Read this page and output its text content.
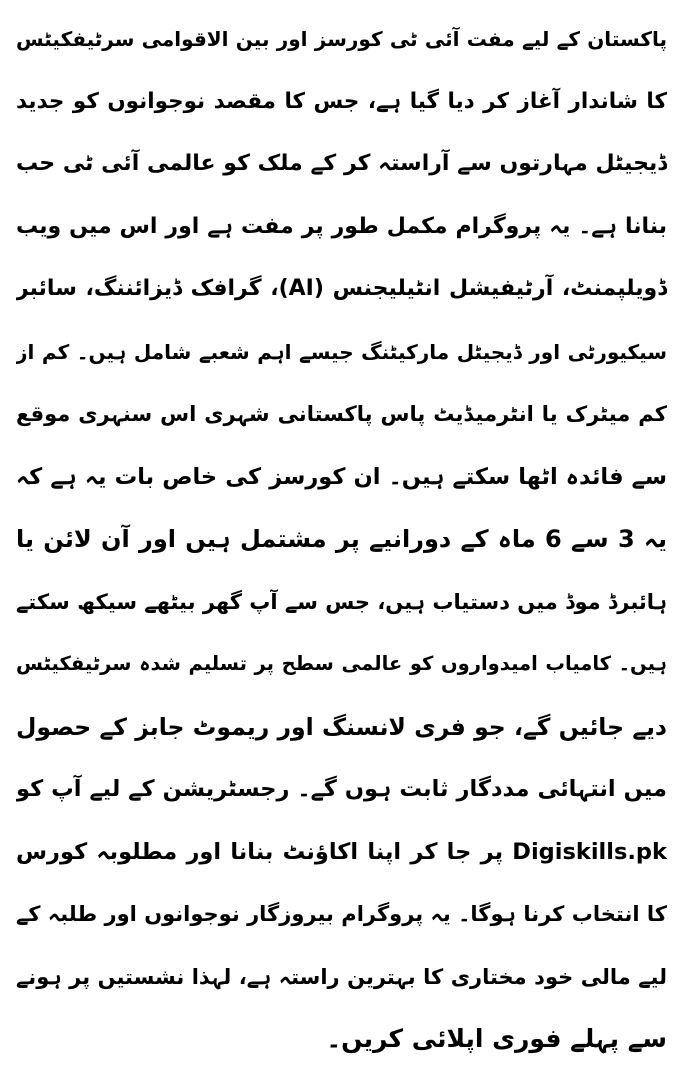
پاکستان کے لیے مفت آئی ٹی کورسز اور بین الاقوامی سرٹیفکیٹس
کا شاندار آغاز کر دیا گیا ہے، جس کا مقصد نوجوانوں کو جدید
ڈیجیٹل مہارتوں سے آراستہ کر کے ملک کو عالمی آئی ٹی حب
بنانا ہے۔ یہ پروگرام مکمل طور پر مفت ہے اور اس میں ویب
ڈویلپمنٹ، آرٹیفیشل انٹیلیجنس (AI)، گرافک ڈیزائننگ، سائبر
سیکیورٹی اور ڈیجیٹل مارکیٹنگ جیسے اہم شعبے شامل ہیں۔ کم از
کم میٹرک یا انٹرمیڈیٹ پاس پاکستانی شہری اس سنہری موقع
سے فائدہ اٹھا سکتے ہیں۔ ان کورسز کی خاص بات یہ ہے کہ
یہ 3 سے 6 ماہ کے دورانیے پر مشتمل ہیں اور آن لائن یا
ہائبرڈ موڈ میں دستیاب ہیں، جس سے آپ گھر بیٹھے سیکھ سکتے
ہیں۔ کامیاب امیدواروں کو عالمی سطح پر تسلیم شدہ سرٹیفکیٹس
دیے جائیں گے، جو فری لانسنگ اور ریموٹ جابز کے حصول
میں انتہائی مددگار ثابت ہوں گے۔ رجسٹریشن کے لیے آپ کو
Digiskills.pk پر جا کر اپنا اکاؤنٹ بنانا اور مطلوبہ کورس
کا انتخاب کرنا ہوگا۔ یہ پروگرام بیروزگار نوجوانوں اور طلبہ کے
لیے مالی خود مختاری کا بہترین راستہ ہے، لہذا نشستیں پر ہونے
سے پہلے فوری اپلائی کریں۔
